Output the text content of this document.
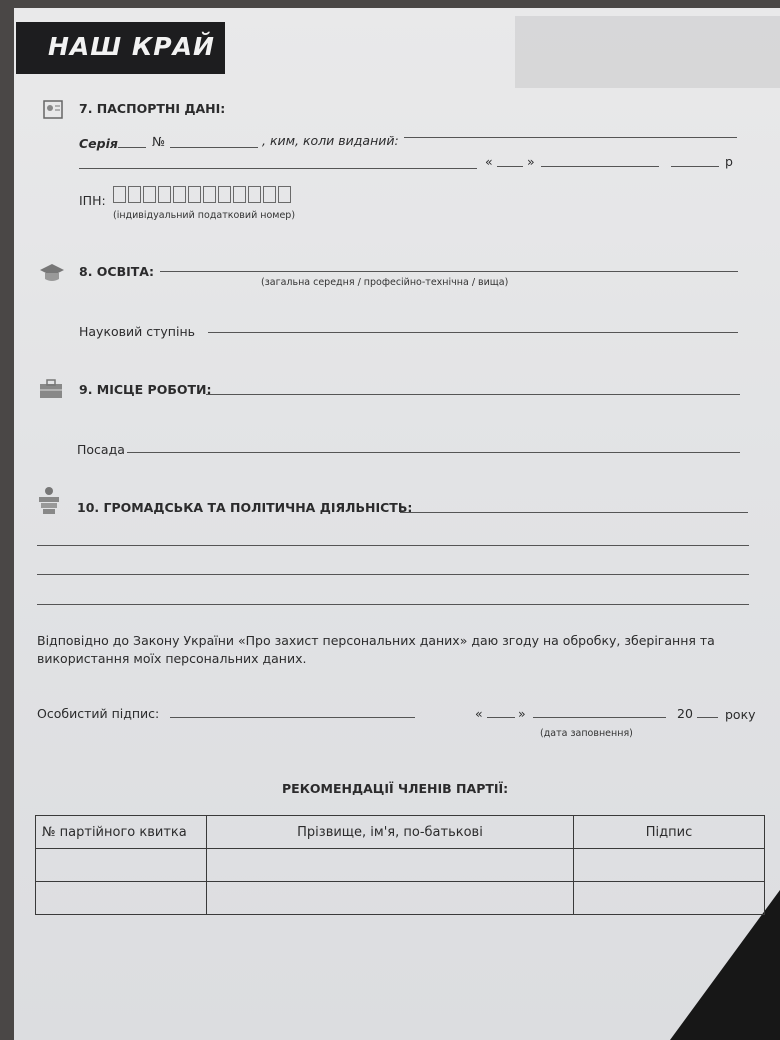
НАШ КРАЙ
7. ПАСПОРТНІ ДАНІ:
Серія	№	, ким, коли виданий:
«	»	р
ІПН:
(індивідуальний податковий номер)
8. ОСВІТА:
(загальна середня / професійно-технічна / вища)
Науковий ступінь
9. МІСЦЕ РОБОТИ:
Посада
10. ГРОМАДСЬКА ТА ПОЛІТИЧНА ДІЯЛЬНІСТЬ:
Відповідно до Закону України «Про захист персональних даних» даю згоду на обробку, зберігання та використання моїх персональних даних.
Особистий підпис:	«	»	20	року
(дата заповнення)
РЕКОМЕНДАЦІЇ ЧЛЕНІВ ПАРТІЇ:
№ партійного квитка	Прізвище, ім'я, по-батькові	Підпис
